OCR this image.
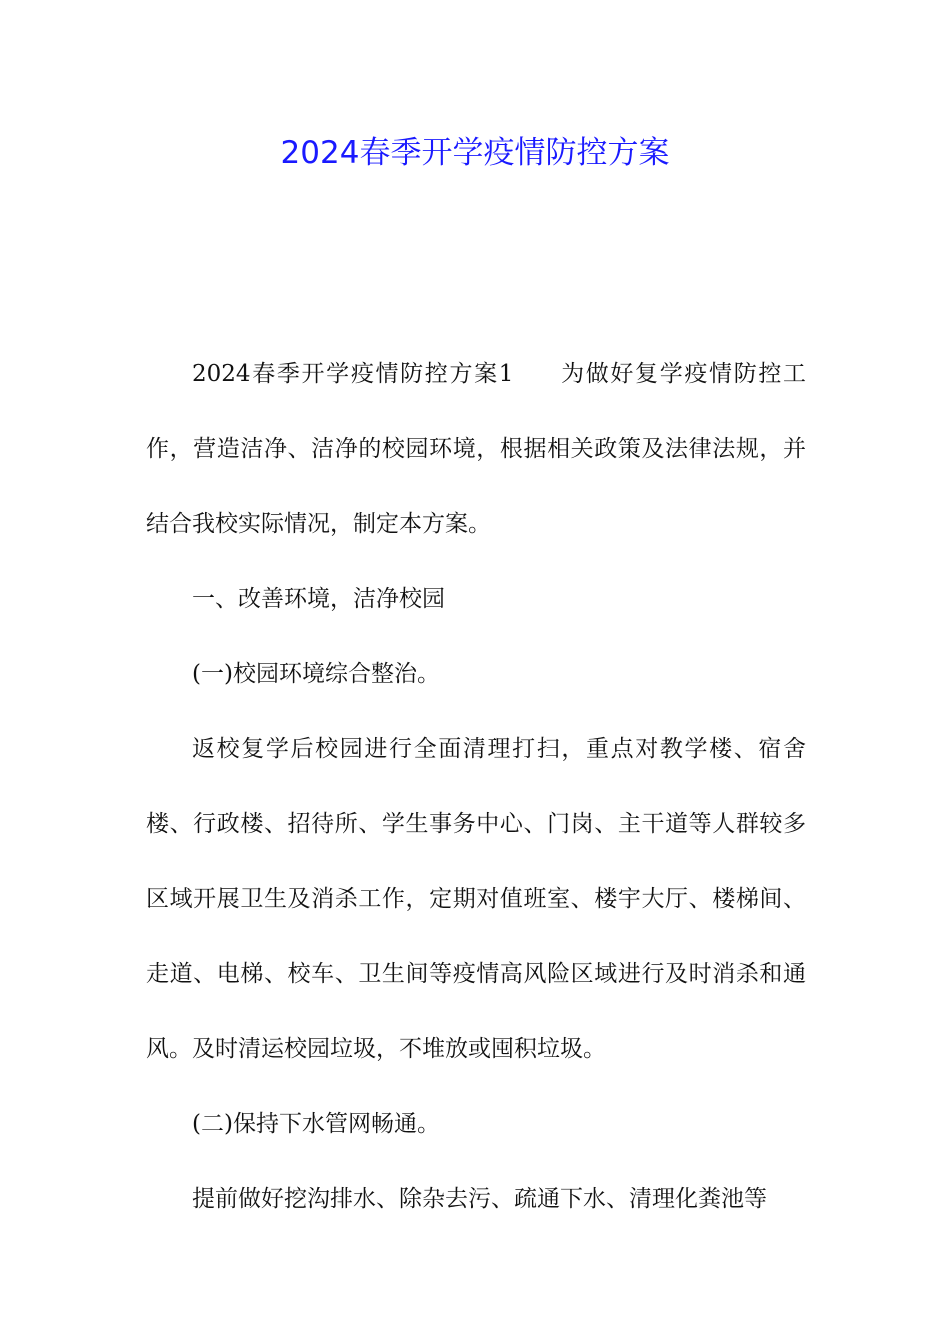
2024春季开学疫情防控方案

2024春季开学疫情防控方案1 为做好复学疫情防控工作，营造洁净、洁净的校园环境，根据相关政策及法律法规，并结合我校实际情况，制定本方案。

一、改善环境，洁净校园

(一)校园环境综合整治。

返校复学后校园进行全面清理打扫，重点对教学楼、宿舍楼、行政楼、招待所、学生事务中心、门岗、主干道等人群较多区域开展卫生及消杀工作，定期对值班室、楼宇大厅、楼梯间、走道、电梯、校车、卫生间等疫情高风险区域进行及时消杀和通风。及时清运校园垃圾，不堆放或囤积垃圾。

(二)保持下水管网畅通。

提前做好挖沟排水、除杂去污、疏通下水、清理化粪池等
